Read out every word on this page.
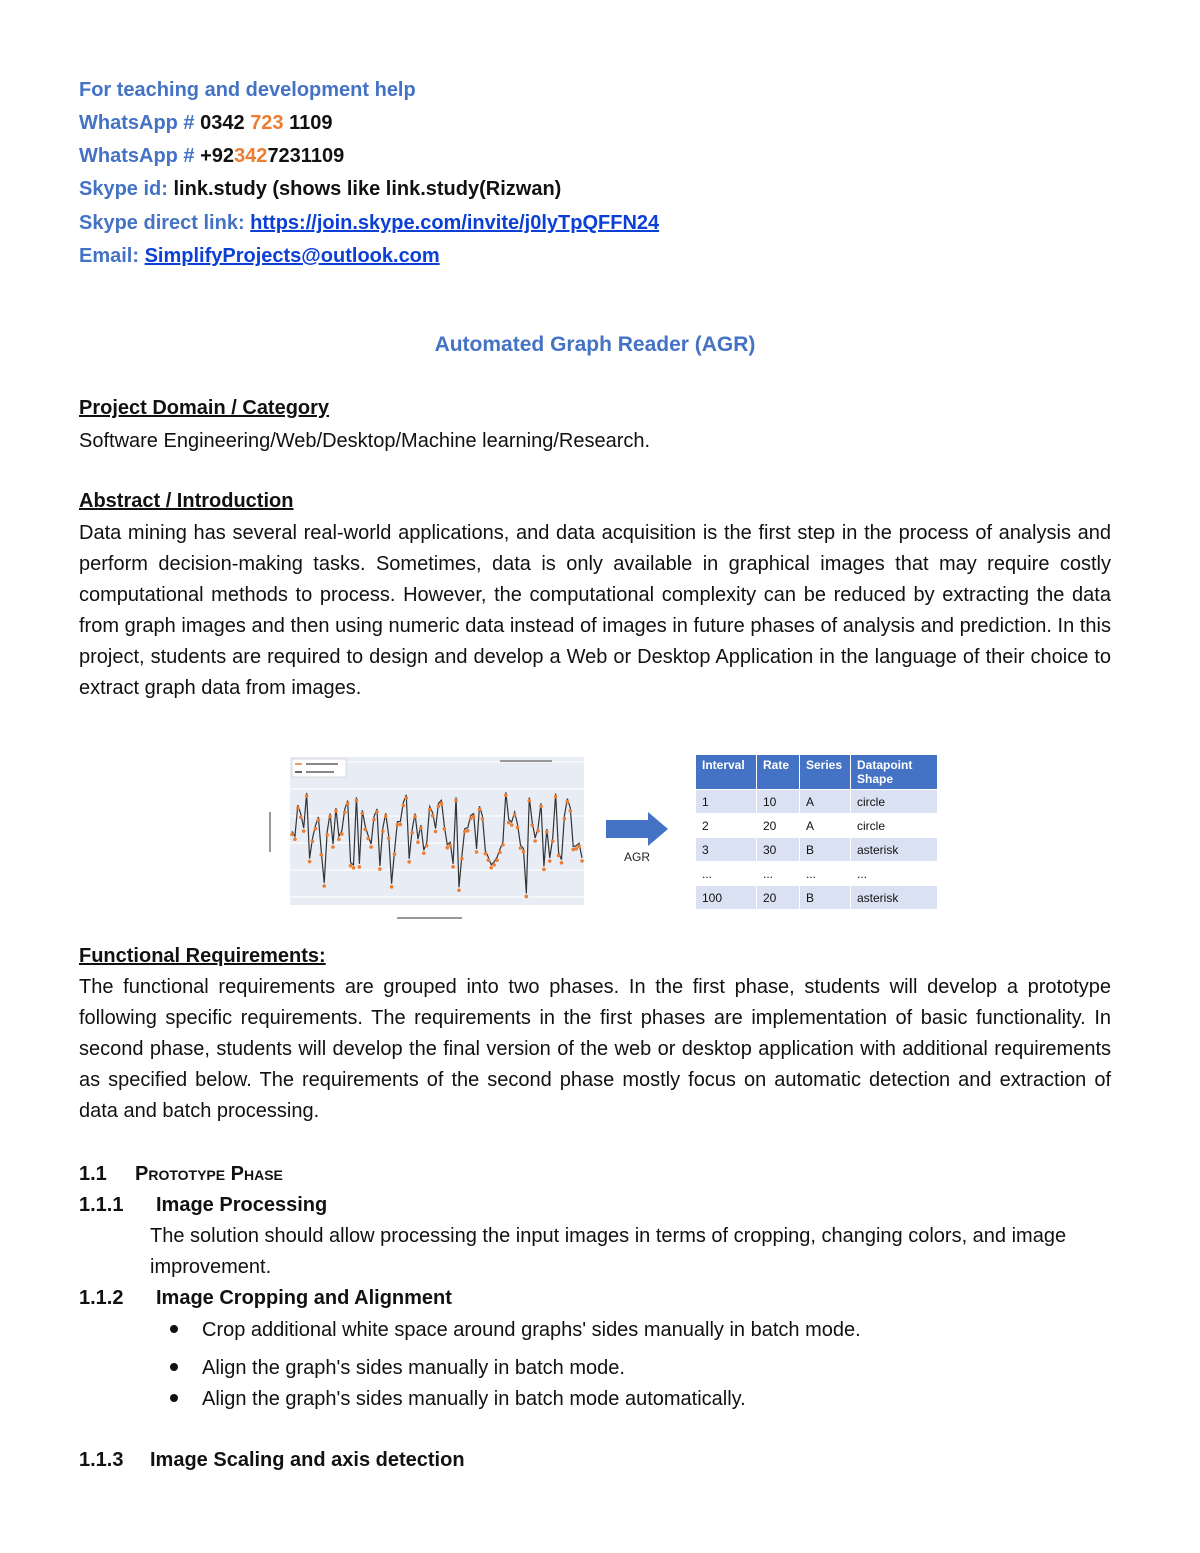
For teaching and development help
WhatsApp # 0342 723 1109
WhatsApp # +923427231109
Skype id: link.study (shows like link.study(Rizwan)
Skype direct link: https://join.skype.com/invite/j0lyTpQFFN24
Email: SimplifyProjects@outlook.com
Automated Graph Reader (AGR)
Project Domain / Category
Software Engineering/Web/Desktop/Machine learning/Research.
Abstract / Introduction
Data mining has several real-world applications, and data acquisition is the first step in the process of analysis and perform decision-making tasks. Sometimes, data is only available in graphical images that may require costly computational methods to process. However, the computational complexity can be reduced by extracting the data from graph images and then using numeric data instead of images in future phases of analysis and prediction. In this project, students are required to design and develop a Web or Desktop Application in the language of their choice to extract graph data from images.
AGR
Interval	Rate	Series	Datapoint Shape
1	10	A	circle
2	20	A	circle
3	30	B	asterisk
...	...	...	...
100	20	B	asterisk
Functional Requirements:
The functional requirements are grouped into two phases. In the first phase, students will develop a prototype following specific requirements. The requirements in the first phases are implementation of basic functionality. In second phase, students will develop the final version of the web or desktop application with additional requirements as specified below. The requirements of the second phase mostly focus on automatic detection and extraction of data and batch processing.
1.1 Prototype Phase
1.1.1 Image Processing
The solution should allow processing the input images in terms of cropping, changing colors, and image improvement.
1.1.2 Image Cropping and Alignment
Crop additional white space around graphs' sides manually in batch mode.
Align the graph's sides manually in batch mode.
Align the graph's sides manually in batch mode automatically.
1.1.3 Image Scaling and axis detection
